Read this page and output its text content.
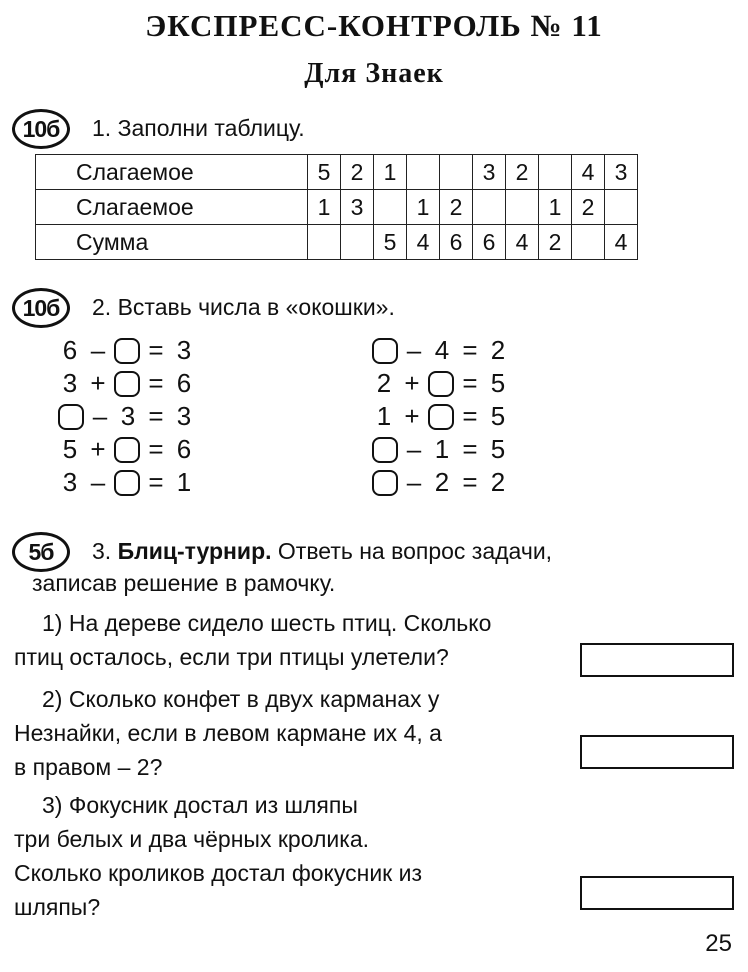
ЭКСПРЕСС-КОНТРОЛЬ № 11
Для Знаек
10б	1. Заполни таблицу.
Слагаемое	5	2	1			3	2		4	3
Слагаемое	1	3		1	2			1	2	
Сумма			5	4	6	6	4	2		4
10б	2. Вставь числа в «окошки».
6 – = 3
3 + = 6
– 3 = 3
5 + = 6
3 – = 1
– 4 = 2
2 + = 5
1 + = 5
– 1 = 5
– 2 = 2
5б	3. Блиц-турнир. Ответь на вопрос задачи,
записав решение в рамочку.
1) На дереве сидело шесть птиц. Сколько
птиц осталось, если три птицы улетели?
2) Сколько конфет в двух карманах у
Незнайки, если в левом кармане их 4, а
в правом – 2?
3) Фокусник достал из шляпы
три белых и два чёрных кролика.
Сколько кроликов достал фокусник из
шляпы?
25
